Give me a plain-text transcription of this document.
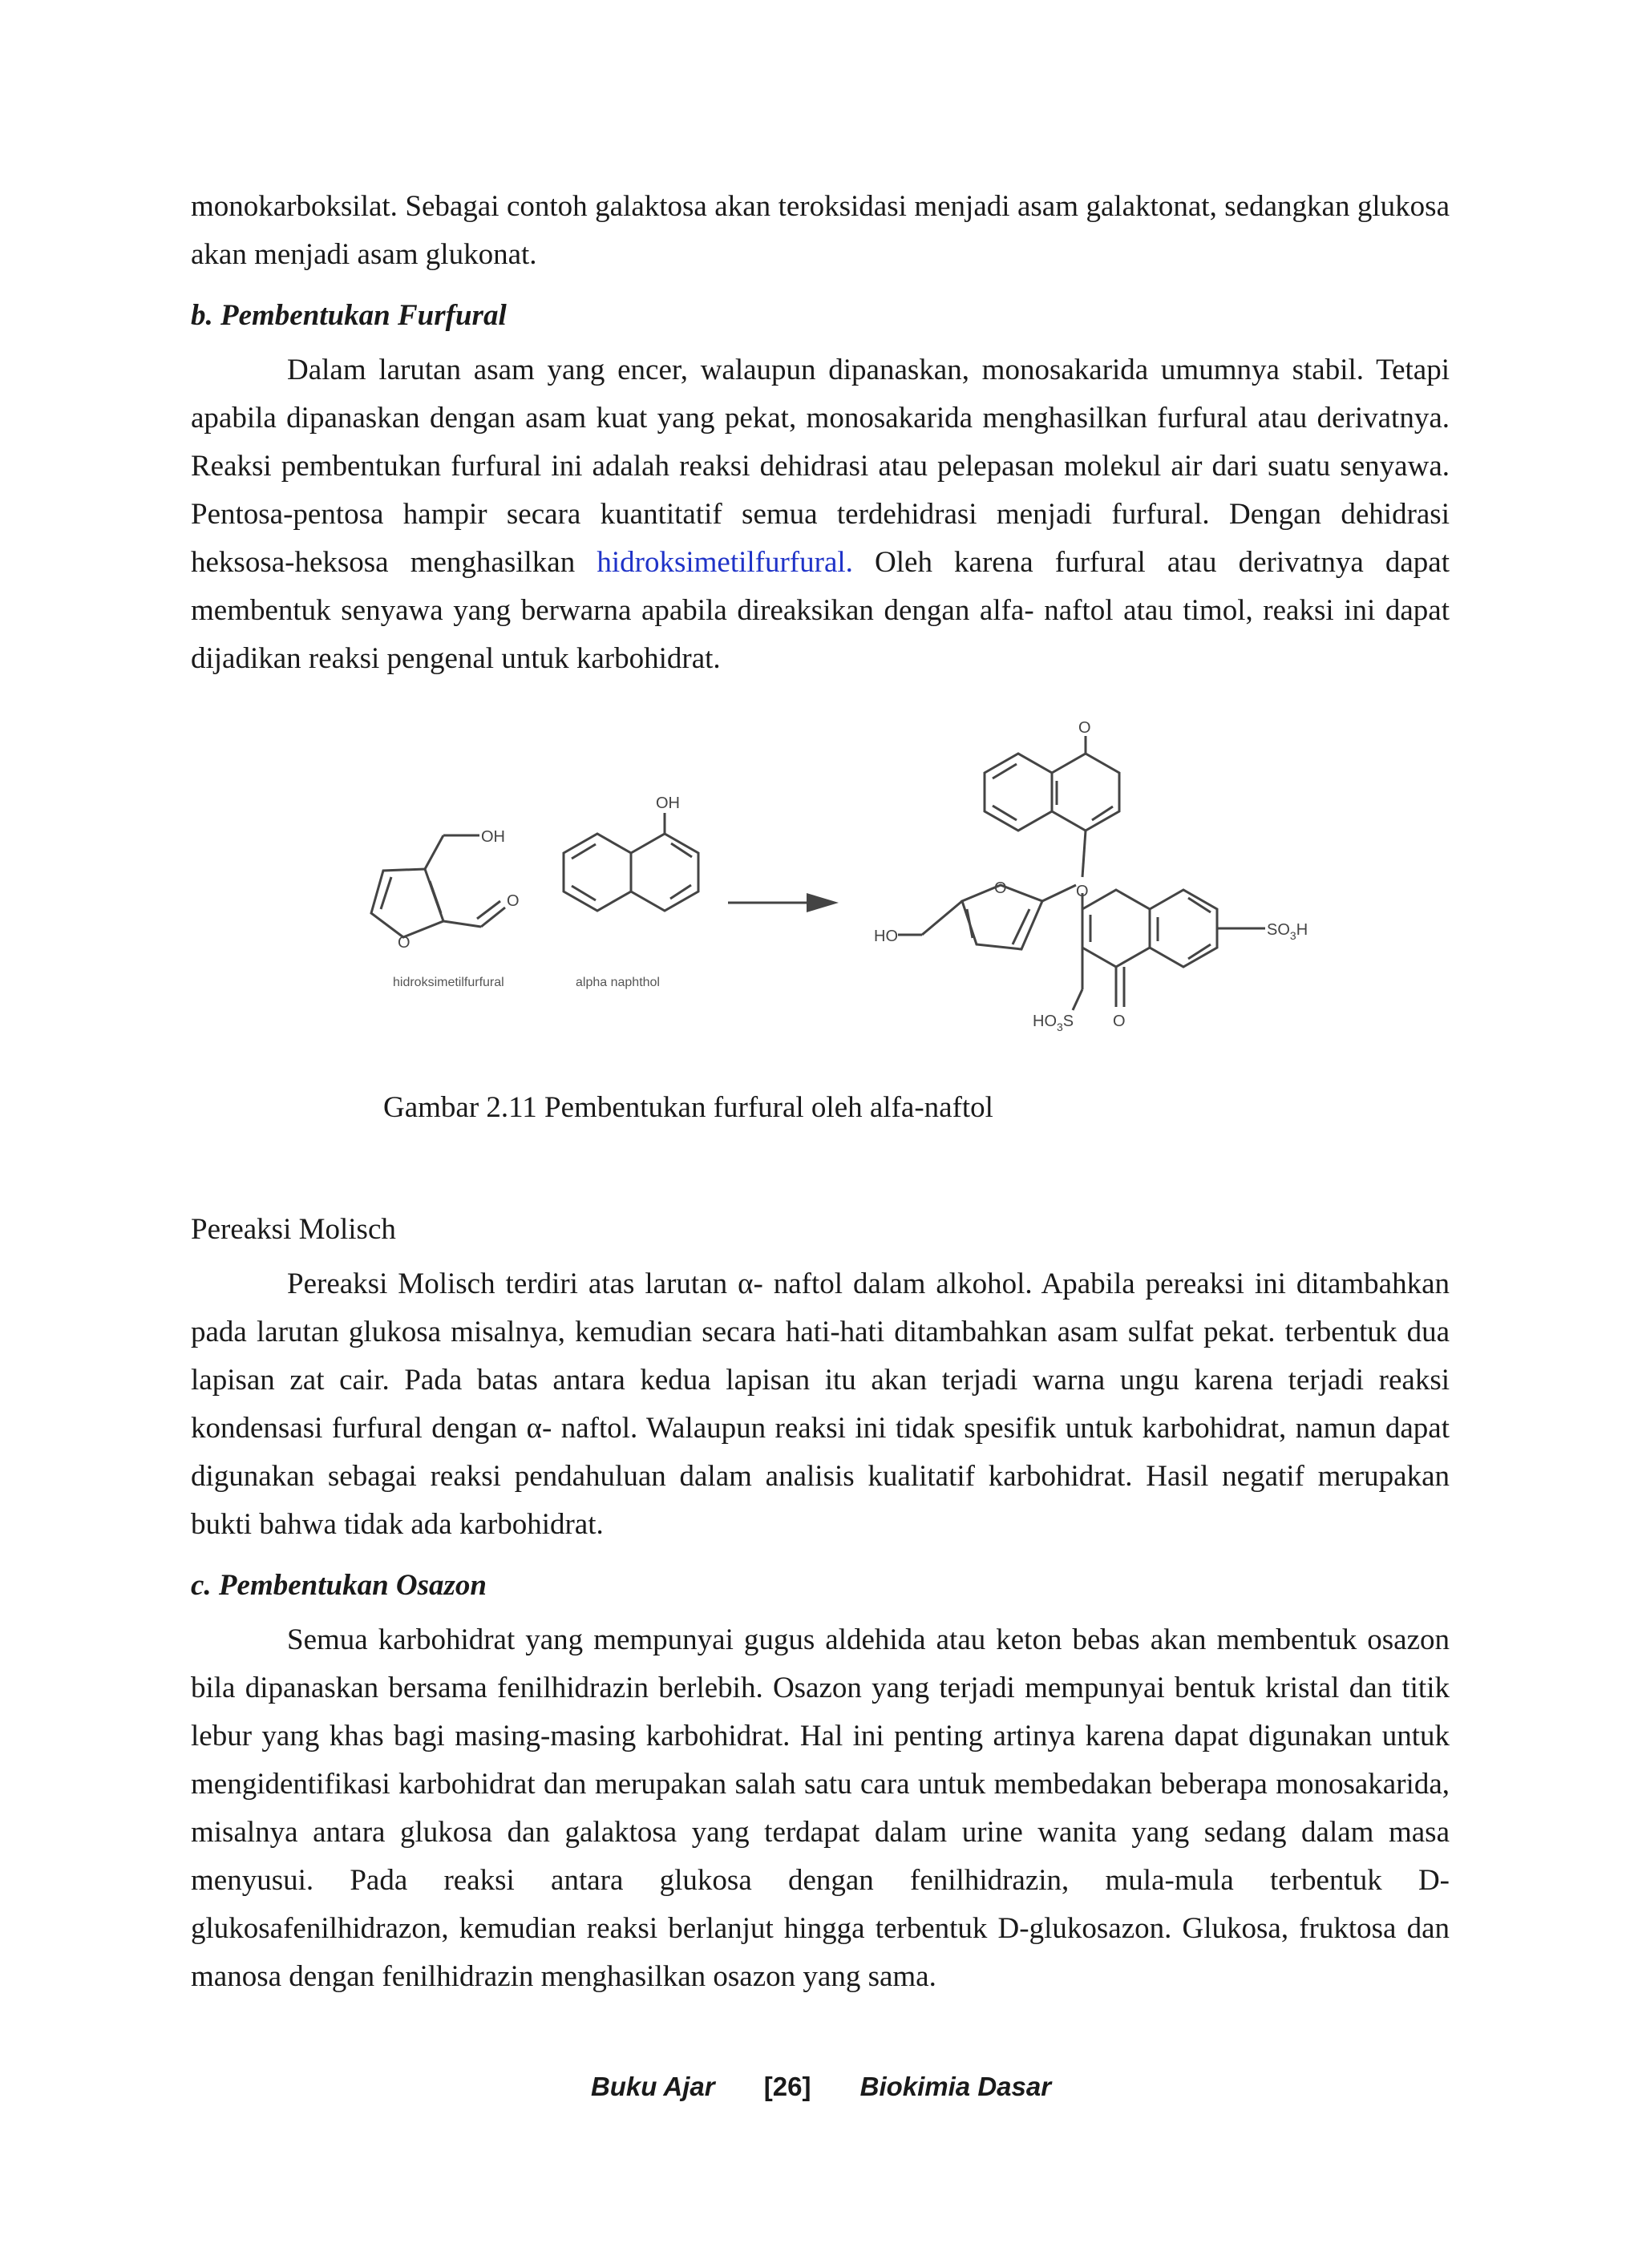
monokarboksilat. Sebagai contoh galaktosa akan teroksidasi menjadi asam galaktonat, sedangkan glukosa akan menjadi asam glukonat.

b. Pembentukan Furfural

Dalam larutan asam yang encer, walaupun dipanaskan, monosakarida umumnya stabil. Tetapi apabila dipanaskan dengan asam kuat yang pekat, monosakarida menghasilkan furfural atau derivatnya. Reaksi pembentukan furfural ini adalah reaksi dehidrasi atau pelepasan molekul air dari suatu senyawa. Pentosa-pentosa hampir secara kuantitatif semua terdehidrasi menjadi furfural. Dengan dehidrasi heksosa-heksosa menghasilkan hidroksimetilfurfural. Oleh karena furfural atau derivatnya dapat membentuk senyawa yang berwarna apabila direaksikan dengan alfa- naftol atau timol, reaksi ini dapat dijadikan reaksi pengenal untuk karbohidrat.

OH
O
O
OH
O
O
O
HO	$SO_3H$
$HO_3S$ O
hidroksimetilfurfural	alpha naphthol
Gambar 2.11 Pembentukan furfural oleh alfa-naftol
Pereaksi Molisch

Pereaksi Molisch terdiri atas larutan α- naftol dalam alkohol. Apabila pereaksi ini ditambahkan pada larutan glukosa misalnya, kemudian secara hati-hati ditambahkan asam sulfat pekat. terbentuk dua lapisan zat cair. Pada batas antara kedua lapisan itu akan terjadi warna ungu karena terjadi reaksi kondensasi furfural dengan α- naftol. Walaupun reaksi ini tidak spesifik untuk karbohidrat, namun dapat digunakan sebagai reaksi pendahuluan dalam analisis kualitatif karbohidrat. Hasil negatif merupakan bukti bahwa tidak ada karbohidrat.

c. Pembentukan Osazon

Semua karbohidrat yang mempunyai gugus aldehida atau keton bebas akan membentuk osazon bila dipanaskan bersama fenilhidrazin berlebih. Osazon yang terjadi mempunyai bentuk kristal dan titik lebur yang khas bagi masing-masing karbohidrat. Hal ini penting artinya karena dapat digunakan untuk mengidentifikasi karbohidrat dan merupakan salah satu cara untuk membedakan beberapa monosakarida, misalnya antara glukosa dan galaktosa yang terdapat dalam urine wanita yang sedang dalam masa menyusui. Pada reaksi antara glukosa dengan fenilhidrazin, mula-mula terbentuk D- glukosafenilhidrazon, kemudian reaksi berlanjut hingga terbentuk D-glukosazon. Glukosa, fruktosa dan manosa dengan fenilhidrazin menghasilkan osazon yang sama.

Buku Ajar [26] Biokimia Dasar
